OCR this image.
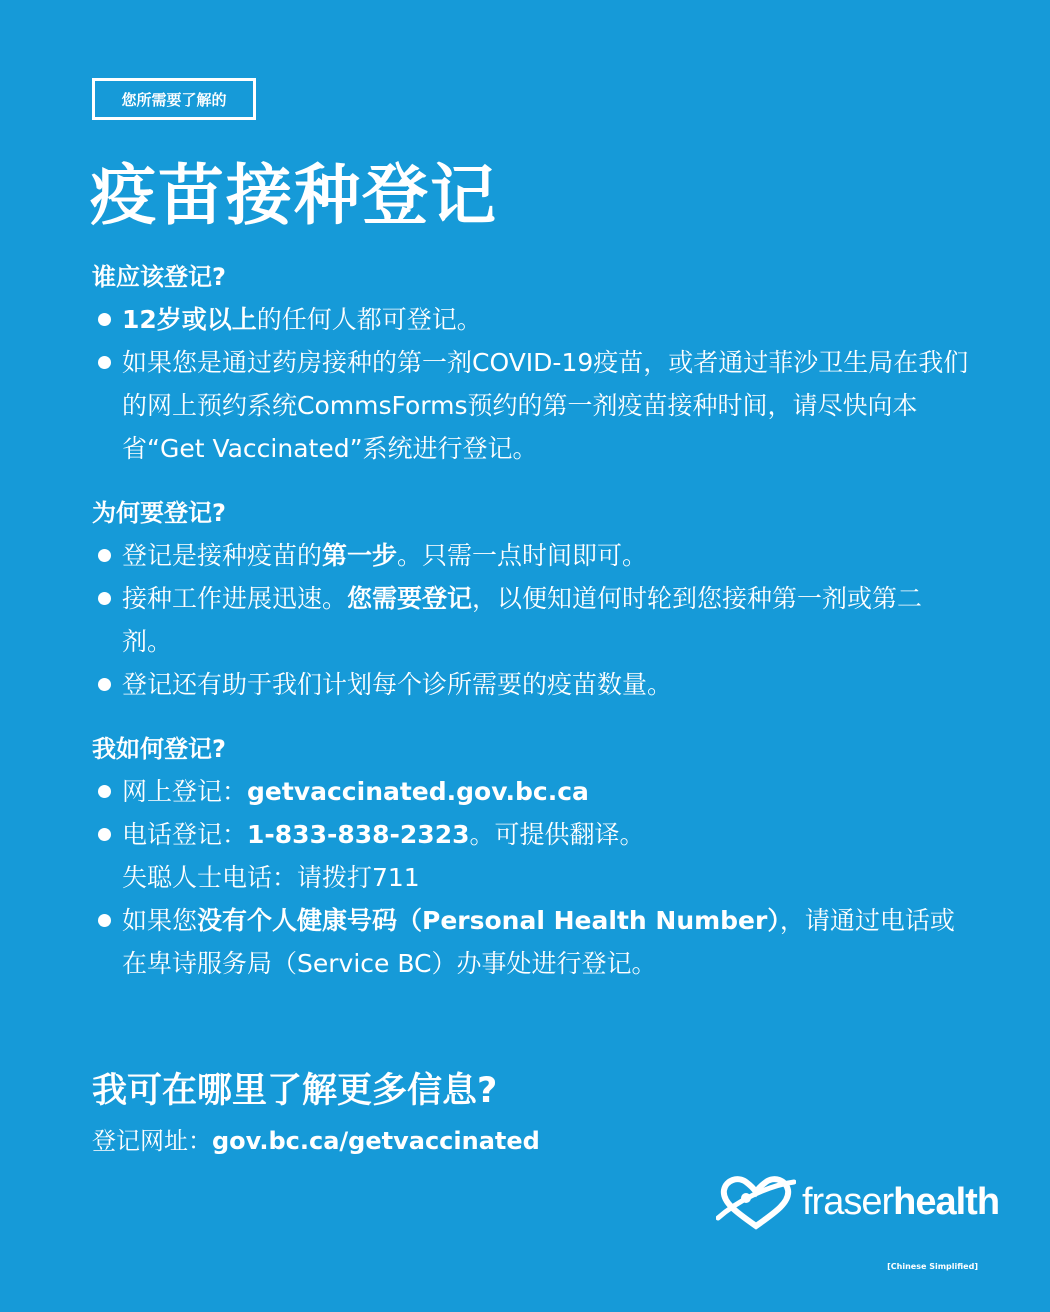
您所需要了解的
疫苗接种登记
谁应该登记?
12岁或以上的任何人都可登记。
如果您是通过药房接种的第一剂COVID-19疫苗，或者通过菲沙卫生局在我们的网上预约系统CommsForms预约的第一剂疫苗接种时间，请尽快向本省“Get Vaccinated”系统进行登记。
为何要登记?
登记是接种疫苗的第一步。只需一点时间即可。
接种工作进展迅速。您需要登记，以便知道何时轮到您接种第一剂或第二剂。
登记还有助于我们计划每个诊所需要的疫苗数量。
我如何登记?
网上登记：getvaccinated.gov.bc.ca
电话登记：1-833-838-2323。可提供翻译。
失聪人士电话：请拨打711
如果您没有个人健康号码（Personal Health Number），请通过电话或在卑诗服务局（Service BC）办事处进行登记。
我可在哪里了解更多信息?
登记网址：gov.bc.ca/getvaccinated
fraserhealth
[Chinese Simplified]
